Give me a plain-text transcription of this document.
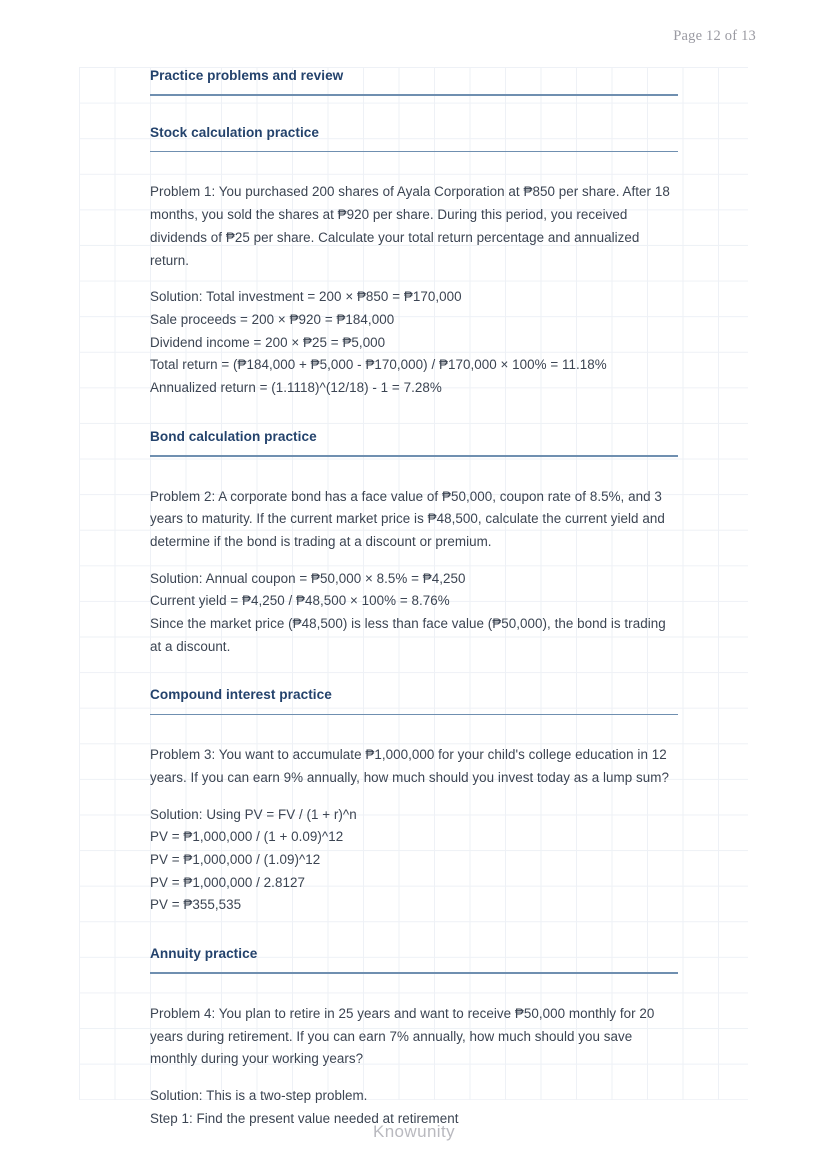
Page 12 of 13
Practice problems and review
Stock calculation practice

Problem 1: You purchased 200 shares of Ayala Corporation at ₱850 per share. After 18 months, you sold the shares at ₱920 per share. During this period, you received dividends of ₱25 per share. Calculate your total return percentage and annualized return.

Solution: Total investment = 200 × ₱850 = ₱170,000
Sale proceeds = 200 × ₱920 = ₱184,000
Dividend income = 200 × ₱25 = ₱5,000
Total return = (₱184,000 + ₱5,000 - ₱170,000) / ₱170,000 × 100% = 11.18%
Annualized return = (1.1118)^(12/18) - 1 = 7.28%
Bond calculation practice

Problem 2: A corporate bond has a face value of ₱50,000, coupon rate of 8.5%, and 3 years to maturity. If the current market price is ₱48,500, calculate the current yield and determine if the bond is trading at a discount or premium.

Solution: Annual coupon = ₱50,000 × 8.5% = ₱4,250
Current yield = ₱4,250 / ₱48,500 × 100% = 8.76%
Since the market price (₱48,500) is less than face value (₱50,000), the bond is trading at a discount.
Compound interest practice

Problem 3: You want to accumulate ₱1,000,000 for your child's college education in 12 years. If you can earn 9% annually, how much should you invest today as a lump sum?

Solution: Using PV = FV / (1 + r)^n
PV = ₱1,000,000 / (1 + 0.09)^12
PV = ₱1,000,000 / (1.09)^12
PV = ₱1,000,000 / 2.8127
PV = ₱355,535
Annuity practice

Problem 4: You plan to retire in 25 years and want to receive ₱50,000 monthly for 20 years during retirement. If you can earn 7% annually, how much should you save monthly during your working years?

Solution: This is a two-step problem.
Step 1: Find the present value needed at retirement
Knowunity
